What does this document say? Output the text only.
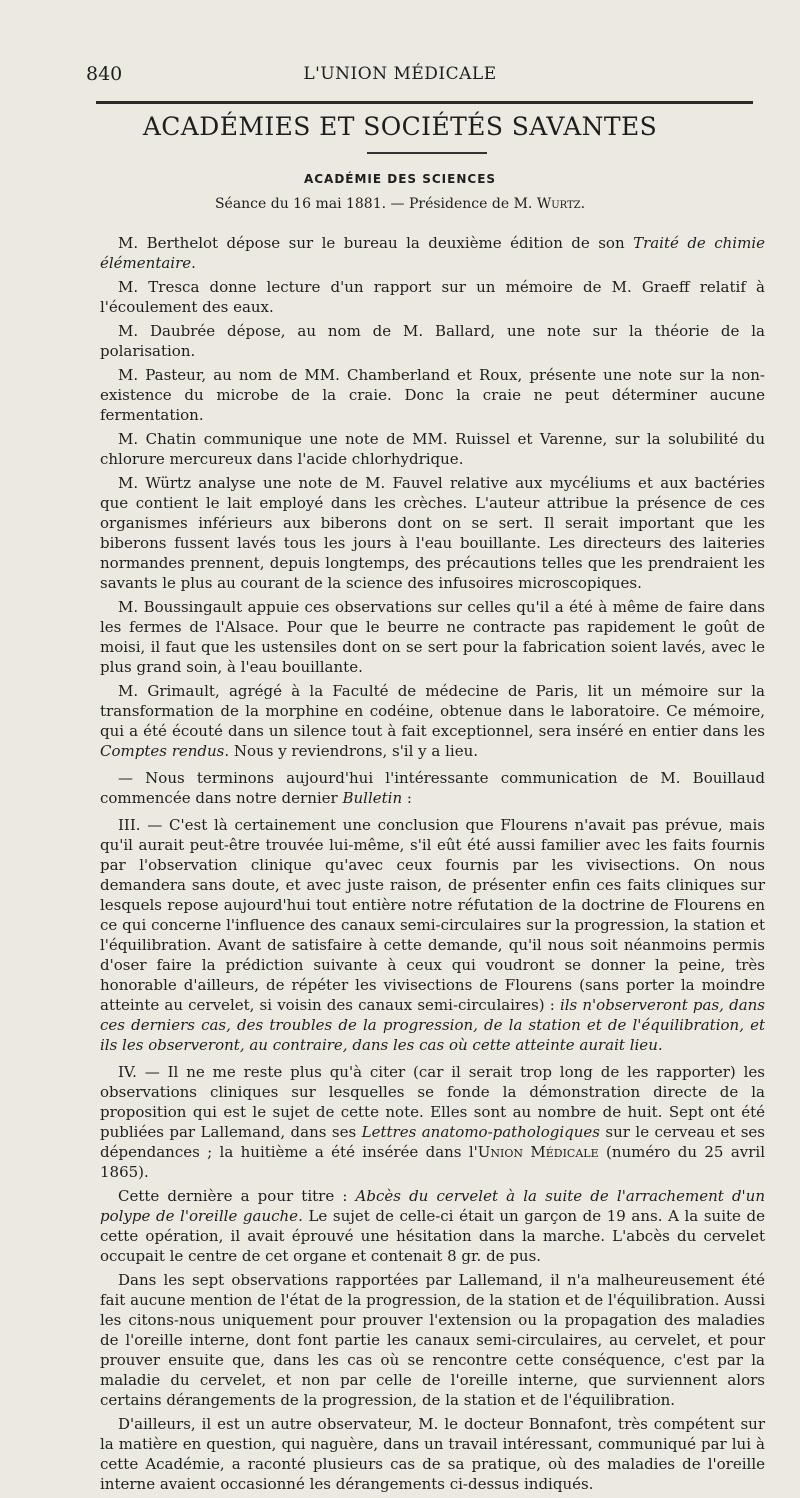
840	L'UNION MÉDICALE
ACADÉMIES ET SOCIÉTÉS SAVANTES
ACADÉMIE DES SCIENCES
Séance du 16 mai 1881. — Présidence de M. Wurtz.

M. Berthelot dépose sur le bureau la deuxième édition de son Traité de chimie élémentaire.

M. Tresca donne lecture d'un rapport sur un mémoire de M. Graeff relatif à l'écoulement des eaux.

M. Daubrée dépose, au nom de M. Ballard, une note sur la théorie de la polarisation.

M. Pasteur, au nom de MM. Chamberland et Roux, présente une note sur la non-existence du microbe de la craie. Donc la craie ne peut déterminer aucune fermentation.

M. Chatin communique une note de MM. Ruissel et Varenne, sur la solubilité du chlorure mercureux dans l'acide chlorhydrique.

M. Würtz analyse une note de M. Fauvel relative aux mycéliums et aux bactéries que contient le lait employé dans les crèches. L'auteur attribue la présence de ces organismes inférieurs aux biberons dont on se sert. Il serait important que les biberons fussent lavés tous les jours à l'eau bouillante. Les directeurs des laiteries normandes prennent, depuis longtemps, des précautions telles que les prendraient les savants le plus au courant de la science des infusoires microscopiques.

M. Boussingault appuie ces observations sur celles qu'il a été à même de faire dans les fermes de l'Alsace. Pour que le beurre ne contracte pas rapidement le goût de moisi, il faut que les ustensiles dont on se sert pour la fabrication soient lavés, avec le plus grand soin, à l'eau bouillante.

M. Grimault, agrégé à la Faculté de médecine de Paris, lit un mémoire sur la transformation de la morphine en codéine, obtenue dans le laboratoire. Ce mémoire, qui a été écouté dans un silence tout à fait exceptionnel, sera inséré en entier dans les Comptes rendus. Nous y reviendrons, s'il y a lieu.

— Nous terminons aujourd'hui l'intéressante communication de M. Bouillaud commencée dans notre dernier Bulletin :

III. — C'est là certainement une conclusion que Flourens n'avait pas prévue, mais qu'il aurait peut-être trouvée lui-même, s'il eût été aussi familier avec les faits fournis par l'observation clinique qu'avec ceux fournis par les vivisections. On nous demandera sans doute, et avec juste raison, de présenter enfin ces faits cliniques sur lesquels repose aujourd'hui tout entière notre réfutation de la doctrine de Flourens en ce qui concerne l'influence des canaux semi-circulaires sur la progression, la station et l'équilibration. Avant de satisfaire à cette demande, qu'il nous soit néanmoins permis d'oser faire la prédiction suivante à ceux qui voudront se donner la peine, très honorable d'ailleurs, de répéter les vivisections de Flourens (sans porter la moindre atteinte au cervelet, si voisin des canaux semi-circulaires) : ils n'observeront pas, dans ces derniers cas, des troubles de la progression, de la station et de l'équilibration, et ils les observeront, au contraire, dans les cas où cette atteinte aurait lieu.

IV. — Il ne me reste plus qu'à citer (car il serait trop long de les rapporter) les observations cliniques sur lesquelles se fonde la démonstration directe de la proposition qui est le sujet de cette note. Elles sont au nombre de huit. Sept ont été publiées par Lallemand, dans ses Lettres anatomo-pathologiques sur le cerveau et ses dépendances ; la huitième a été insérée dans l'Union Médicale (numéro du 25 avril 1865).

Cette dernière a pour titre : Abcès du cervelet à la suite de l'arrachement d'un polype de l'oreille gauche. Le sujet de celle-ci était un garçon de 19 ans. A la suite de cette opération, il avait éprouvé une hésitation dans la marche. L'abcès du cervelet occupait le centre de cet organe et contenait 8 gr. de pus.

Dans les sept observations rapportées par Lallemand, il n'a malheureusement été fait aucune mention de l'état de la progression, de la station et de l'équilibration. Aussi les citons-nous uniquement pour prouver l'extension ou la propagation des maladies de l'oreille interne, dont font partie les canaux semi-circulaires, au cervelet, et pour prouver ensuite que, dans les cas où se rencontre cette conséquence, c'est par la maladie du cervelet, et non par celle de l'oreille interne, que surviennent alors certains dérangements de la progression, de la station et de l'équilibration.

D'ailleurs, il est un autre observateur, M. le docteur Bonnafont, très compétent sur la matière en question, qui naguère, dans un travail intéressant, communiqué par lui à cette Académie, a raconté plusieurs cas de sa pratique, où des maladies de l'oreille interne avaient occasionné les dérangements ci-dessus indiqués.
